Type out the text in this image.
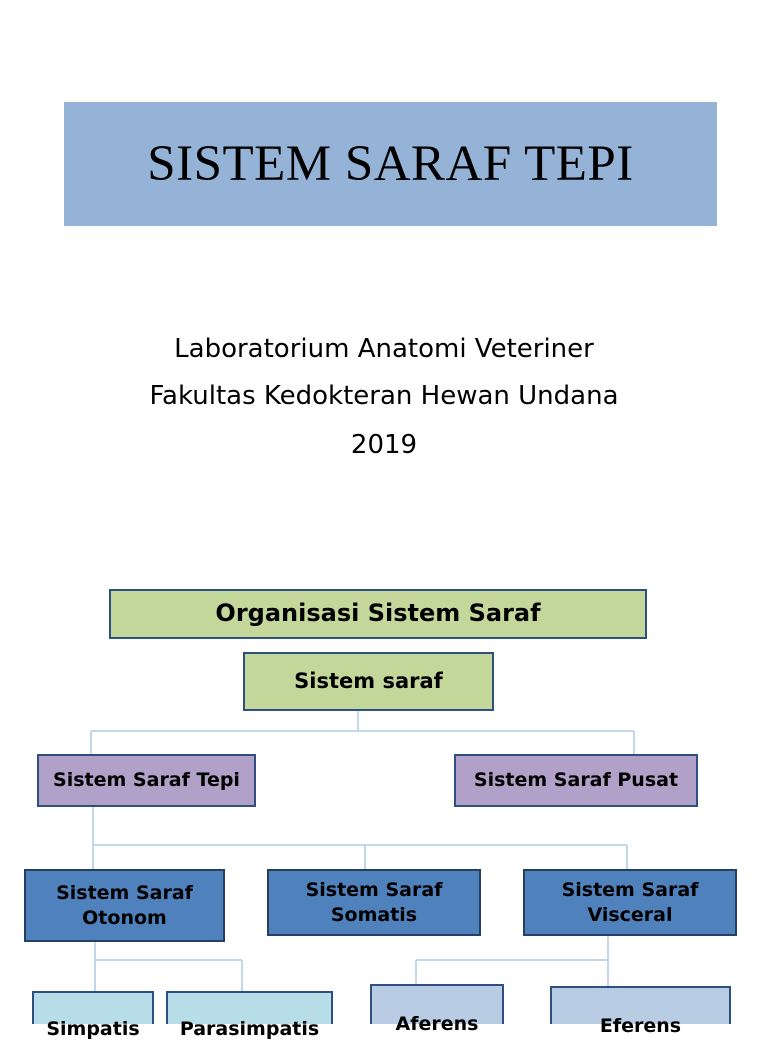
SISTEM SARAF TEPI
Laboratorium Anatomi Veteriner
Fakultas Kedokteran Hewan Undana
2019
Organisasi Sistem Saraf
Sistem saraf
Sistem Saraf Tepi	Sistem Saraf Pusat
Sistem Saraf
Otonom
Sistem Saraf
Somatis
Sistem Saraf
Visceral
Simpatis Parasimpatis	Aferens	Eferens
